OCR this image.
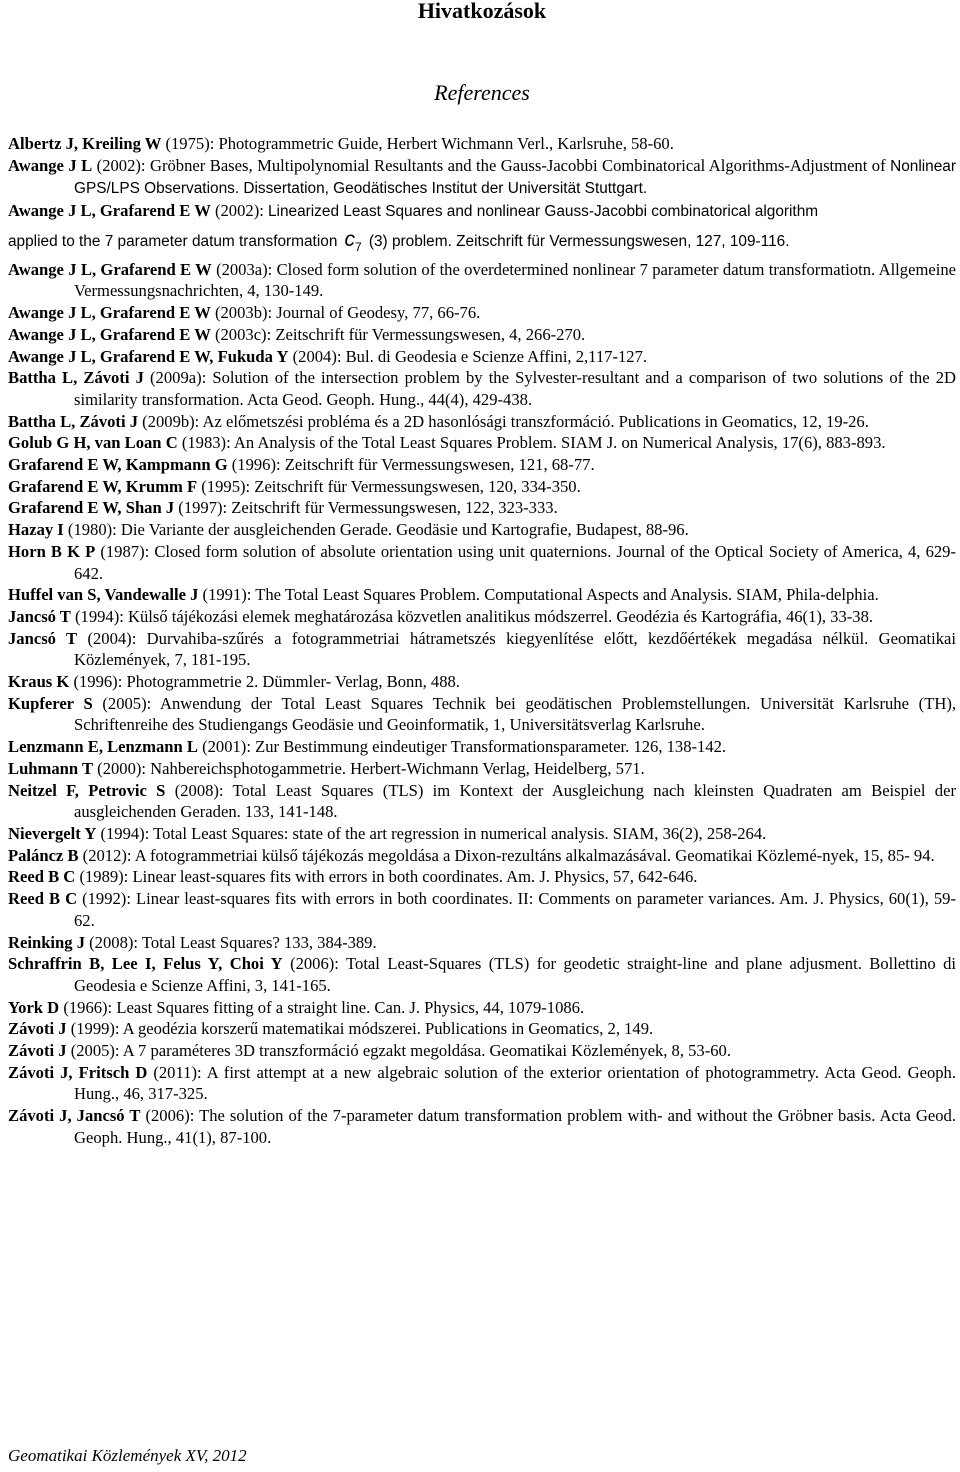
Hivatkozások
References
Albertz J, Kreiling W (1975): Photogrammetric Guide, Herbert Wichmann Verl., Karlsruhe, 58-60.
Awange J L (2002): Gröbner Bases, Multipolynomial Resultants and the Gauss-Jacobbi Combinatorical Algorithms-Adjustment of Nonlinear GPS/LPS Observations. Dissertation, Geodätisches Institut der Universität Stuttgart.
Awange J L, Grafarend E W (2002): Linearized Least Squares and nonlinear Gauss-Jacobbi combinatorical algorithm
applied to the 7 parameter datum transformation $c_7$ (3) problem. Zeitschrift für Vermessungswesen, 127, 109-116.
Awange J L, Grafarend E W (2003a): Closed form solution of the overdetermined nonlinear 7 parameter datum transformatiotn. Allgemeine Vermessungsnachrichten, 4, 130-149.
Awange J L, Grafarend E W (2003b): Journal of Geodesy, 77, 66-76.
Awange J L, Grafarend E W (2003c): Zeitschrift für Vermessungswesen, 4, 266-270.
Awange J L, Grafarend E W, Fukuda Y (2004): Bul. di Geodesia e Scienze Affini, 2,117-127.
Battha L, Závoti J (2009a): Solution of the intersection problem by the Sylvester-resultant and a comparison of two solutions of the 2D similarity transformation. Acta Geod. Geoph. Hung., 44(4), 429-438.
Battha L, Závoti J (2009b): Az előmetszési probléma és a 2D hasonlósági transzformáció. Publications in Geomatics, 12, 19-26.
Golub G H, van Loan C (1983): An Analysis of the Total Least Squares Problem. SIAM J. on Numerical Analysis, 17(6), 883-893.
Grafarend E W, Kampmann G (1996): Zeitschrift für Vermessungswesen, 121, 68-77.
Grafarend E W, Krumm F (1995): Zeitschrift für Vermessungswesen, 120, 334-350.
Grafarend E W, Shan J (1997): Zeitschrift für Vermessungswesen, 122, 323-333.
Hazay I (1980): Die Variante der ausgleichenden Gerade. Geodäsie und Kartografie, Budapest, 88-96.
Horn B K P (1987): Closed form solution of absolute orientation using unit quaternions. Journal of the Optical Society of America, 4, 629-642.
Huffel van S, Vandewalle J (1991): The Total Least Squares Problem. Computational Aspects and Analysis. SIAM, Phila-delphia.
Jancsó T (1994): Külső tájékozási elemek meghatározása közvetlen analitikus módszerrel. Geodézia és Kartográfia, 46(1), 33-38.
Jancsó T (2004): Durvahiba-szűrés a fotogrammetriai hátrametszés kiegyenlítése előtt, kezdőértékek megadása nélkül. Geomatikai Közlemények, 7, 181-195.
Kraus K (1996): Photogrammetrie 2. Dümmler- Verlag, Bonn, 488.
Kupferer S (2005): Anwendung der Total Least Squares Technik bei geodätischen Problemstellungen. Universität Karlsruhe (TH), Schriftenreihe des Studiengangs Geodäsie und Geoinformatik, 1, Universitätsverlag Karlsruhe.
Lenzmann E, Lenzmann L (2001): Zur Bestimmung eindeutiger Transformationsparameter. 126, 138-142.
Luhmann T (2000): Nahbereichsphotogammetrie. Herbert-Wichmann Verlag, Heidelberg, 571.
Neitzel F, Petrovic S (2008): Total Least Squares (TLS) im Kontext der Ausgleichung nach kleinsten Quadraten am Beispiel der ausgleichenden Geraden. 133, 141-148.
Nievergelt Y (1994): Total Least Squares: state of the art regression in numerical analysis. SIAM, 36(2), 258-264.
Paláncz B (2012): A fotogrammetriai külső tájékozás megoldása a Dixon-rezultáns alkalmazásával. Geomatikai Közlemé-nyek, 15, 85- 94.
Reed B C (1989): Linear least-squares fits with errors in both coordinates. Am. J. Physics, 57, 642-646.
Reed B C (1992): Linear least-squares fits with errors in both coordinates. II: Comments on parameter variances. Am. J. Physics, 60(1), 59-62.
Reinking J (2008): Total Least Squares? 133, 384-389.
Schraffrin B, Lee I, Felus Y, Choi Y (2006): Total Least-Squares (TLS) for geodetic straight-line and plane adjusment. Bollettino di Geodesia e Scienze Affini, 3, 141-165.
York D (1966): Least Squares fitting of a straight line. Can. J. Physics, 44, 1079-1086.
Závoti J (1999): A geodézia korszerű matematikai módszerei. Publications in Geomatics, 2, 149.
Závoti J (2005): A 7 paraméteres 3D transzformáció egzakt megoldása. Geomatikai Közlemények, 8, 53-60.
Závoti J, Fritsch D (2011): A first attempt at a new algebraic solution of the exterior orientation of photogrammetry. Acta Geod. Geoph. Hung., 46, 317-325.
Závoti J, Jancsó T (2006): The solution of the 7-parameter datum transformation problem with- and without the Gröbner basis. Acta Geod. Geoph. Hung., 41(1), 87-100.
Geomatikai Közlemények XV, 2012
